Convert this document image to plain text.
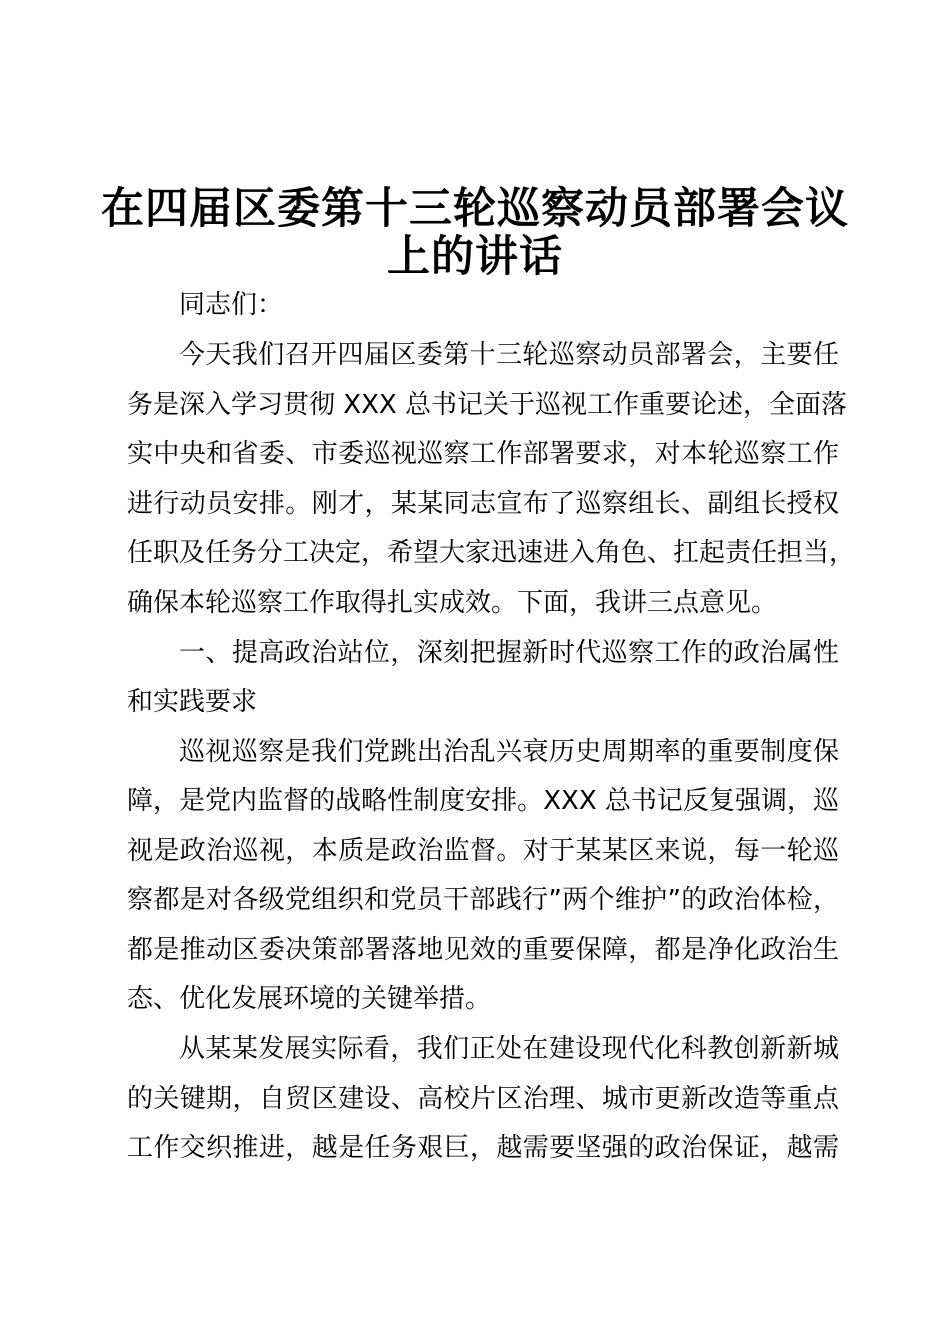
在四届区委第十三轮巡察动员部署会议
上的讲话
同志们：
今天我们召开四届区委第十三轮巡察动员部署会，主要任
务是深入学习贯彻 XXX 总书记关于巡视工作重要论述，全面落
实中央和省委、市委巡视巡察工作部署要求，对本轮巡察工作
进行动员安排。刚才，某某同志宣布了巡察组长、副组长授权
任职及任务分工决定，希望大家迅速进入角色、扛起责任担当，
确保本轮巡察工作取得扎实成效。下面，我讲三点意见。
一、提高政治站位，深刻把握新时代巡察工作的政治属性
和实践要求
巡视巡察是我们党跳出治乱兴衰历史周期率的重要制度保
障，是党内监督的战略性制度安排。XXX 总书记反复强调，巡
视是政治巡视，本质是政治监督。对于某某区来说，每一轮巡
察都是对各级党组织和党员干部践行”两个维护”的政治体检，
都是推动区委决策部署落地见效的重要保障，都是净化政治生
态、优化发展环境的关键举措。
从某某发展实际看，我们正处在建设现代化科教创新新城
的关键期，自贸区建设、高校片区治理、城市更新改造等重点
工作交织推进，越是任务艰巨，越需要坚强的政治保证，越需
